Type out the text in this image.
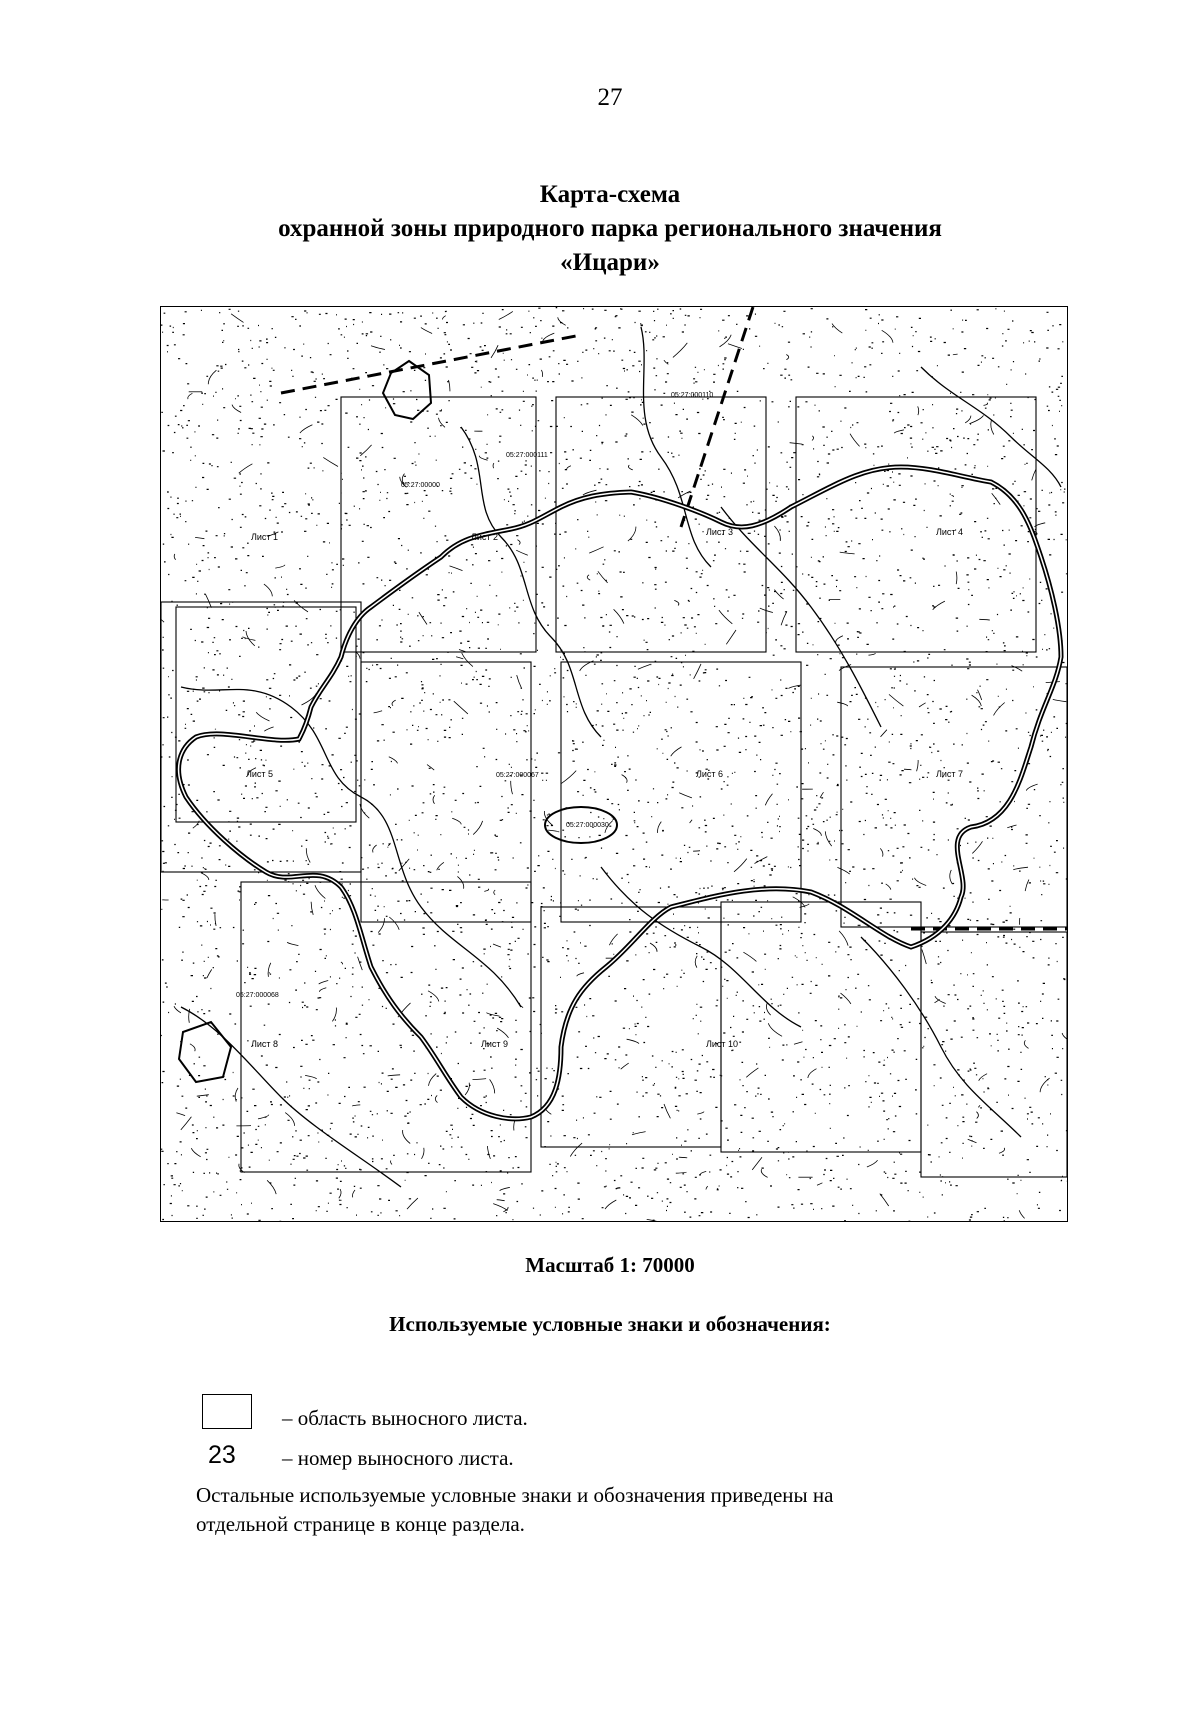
27
Карта-схема
охранной зоны природного парка регионального значения
«Ицари»
Лист 1	Лист 2	Лист 3	Лист 4
Лист 5	Лист 6	Лист 7
Лист 8	Лист 9	Лист 10
05:27:000110
05:27:000111
05:27:00000
05:27:000067
05:27:000030
05:27:000068
Масштаб 1: 70000
Используемые условные знаки и обозначения:
– область выносного листа.
23 – номер выносного листа.
Остальные используемые условные знаки и обозначения приведены на
отдельной странице в конце раздела.
